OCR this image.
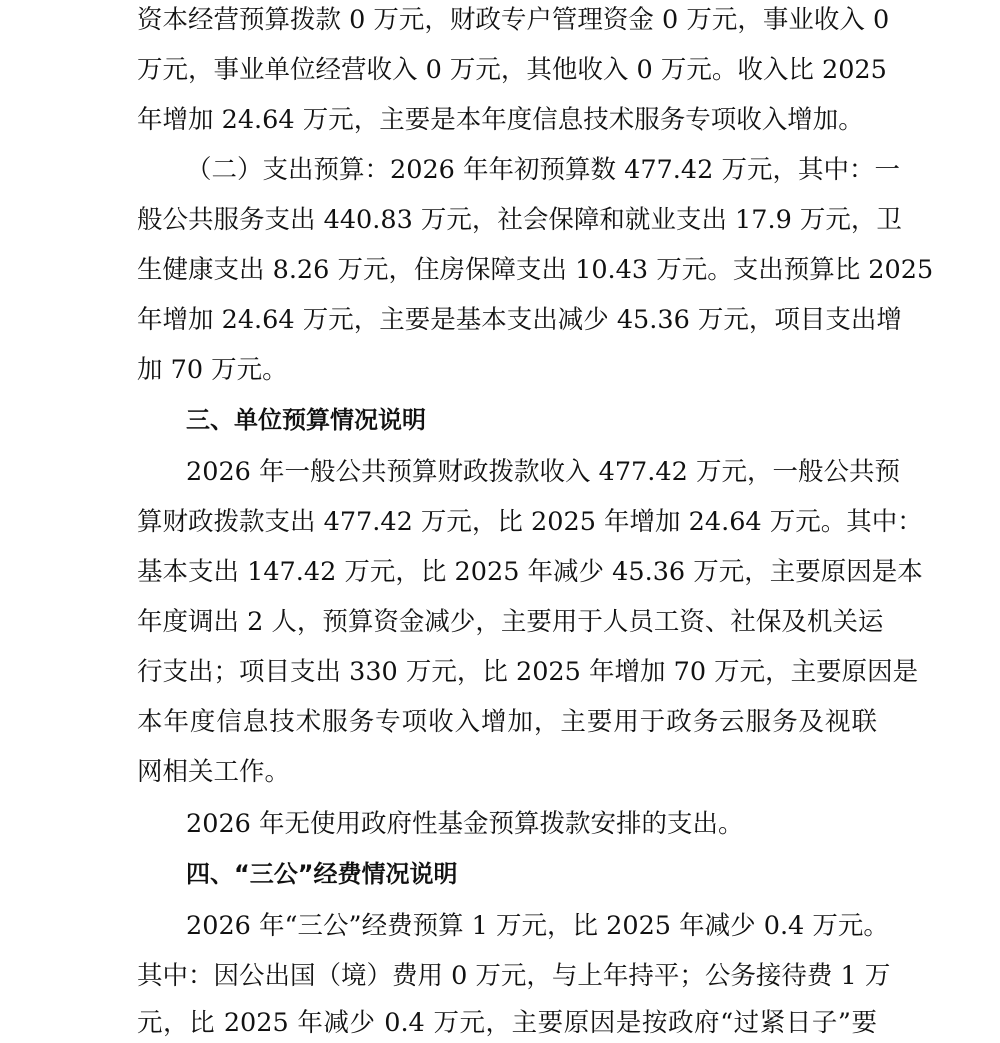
资本经营预算拨款 0 万元，财政专户管理资金 0 万元，事业收入 0
万元，事业单位经营收入 0 万元，其他收入 0 万元。收入比 2025
年增加 24.64 万元，主要是本年度信息技术服务专项收入增加。
（二）支出预算：2026 年年初预算数 477.42 万元，其中：一
般公共服务支出 440.83 万元，社会保障和就业支出 17.9 万元，卫
生健康支出 8.26 万元，住房保障支出 10.43 万元。支出预算比 2025
年增加 24.64 万元，主要是基本支出减少 45.36 万元，项目支出增
加 70 万元。
三、单位预算情况说明
2026 年一般公共预算财政拨款收入 477.42 万元，一般公共预
算财政拨款支出 477.42 万元，比 2025 年增加 24.64 万元。其中：
基本支出 147.42 万元，比 2025 年减少 45.36 万元，主要原因是本
年度调出 2 人，预算资金减少，主要用于人员工资、社保及机关运
行支出；项目支出 330 万元，比 2025 年增加 70 万元，主要原因是
本年度信息技术服务专项收入增加，主要用于政务云服务及视联
网相关工作。
2026 年无使用政府性基金预算拨款安排的支出。
四、“三公”经费情况说明
2026 年“三公”经费预算 1 万元，比 2025 年减少 0.4 万元。
其中：因公出国（境）费用 0 万元，与上年持平；公务接待费 1 万
元，比 2025 年减少 0.4 万元，主要原因是按政府“过紧日子”要
